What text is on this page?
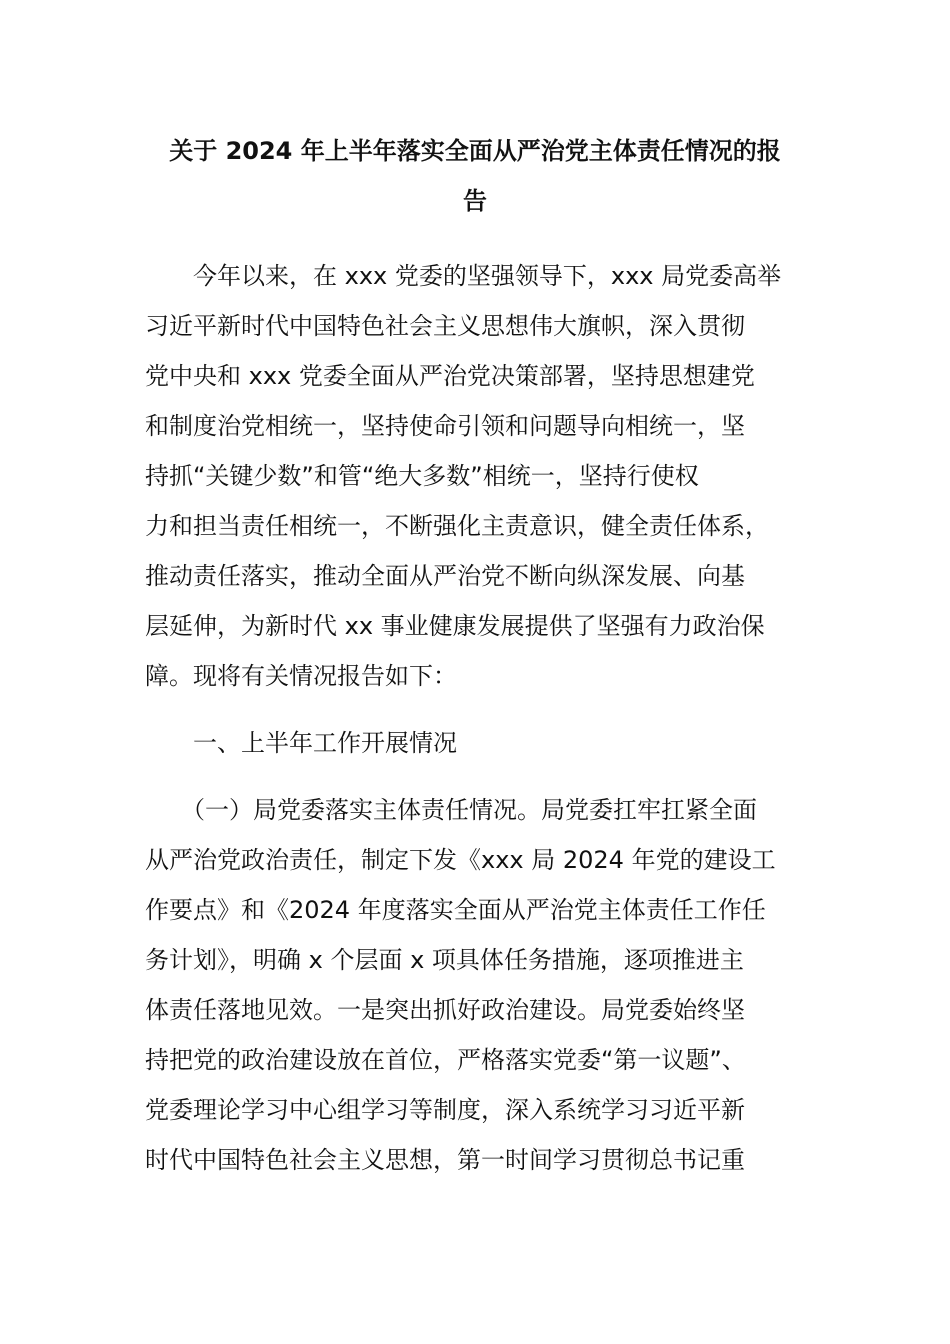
关于 2024 年上半年落实全面从严治党主体责任情况的报
告
　　今年以来，在 xxx 党委的坚强领导下，xxx 局党委高举
习近平新时代中国特色社会主义思想伟大旗帜，深入贯彻
党中央和 xxx 党委全面从严治党决策部署，坚持思想建党
和制度治党相统一，坚持使命引领和问题导向相统一，坚
持抓“关键少数”和管“绝大多数”相统一，坚持行使权
力和担当责任相统一，不断强化主责意识，健全责任体系，
推动责任落实，推动全面从严治党不断向纵深发展、向基
层延伸，为新时代 xx 事业健康发展提供了坚强有力政治保
障。现将有关情况报告如下：
　　一、上半年工作开展情况
　　（一）局党委落实主体责任情况。局党委扛牢扛紧全面
从严治党政治责任，制定下发《xxx 局 2024 年党的建设工
作要点》和《2024 年度落实全面从严治党主体责任工作任
务计划》，明确 x 个层面 x 项具体任务措施，逐项推进主
体责任落地见效。一是突出抓好政治建设。局党委始终坚
持把党的政治建设放在首位，严格落实党委“第一议题”、
党委理论学习中心组学习等制度，深入系统学习习近平新
时代中国特色社会主义思想，第一时间学习贯彻总书记重
